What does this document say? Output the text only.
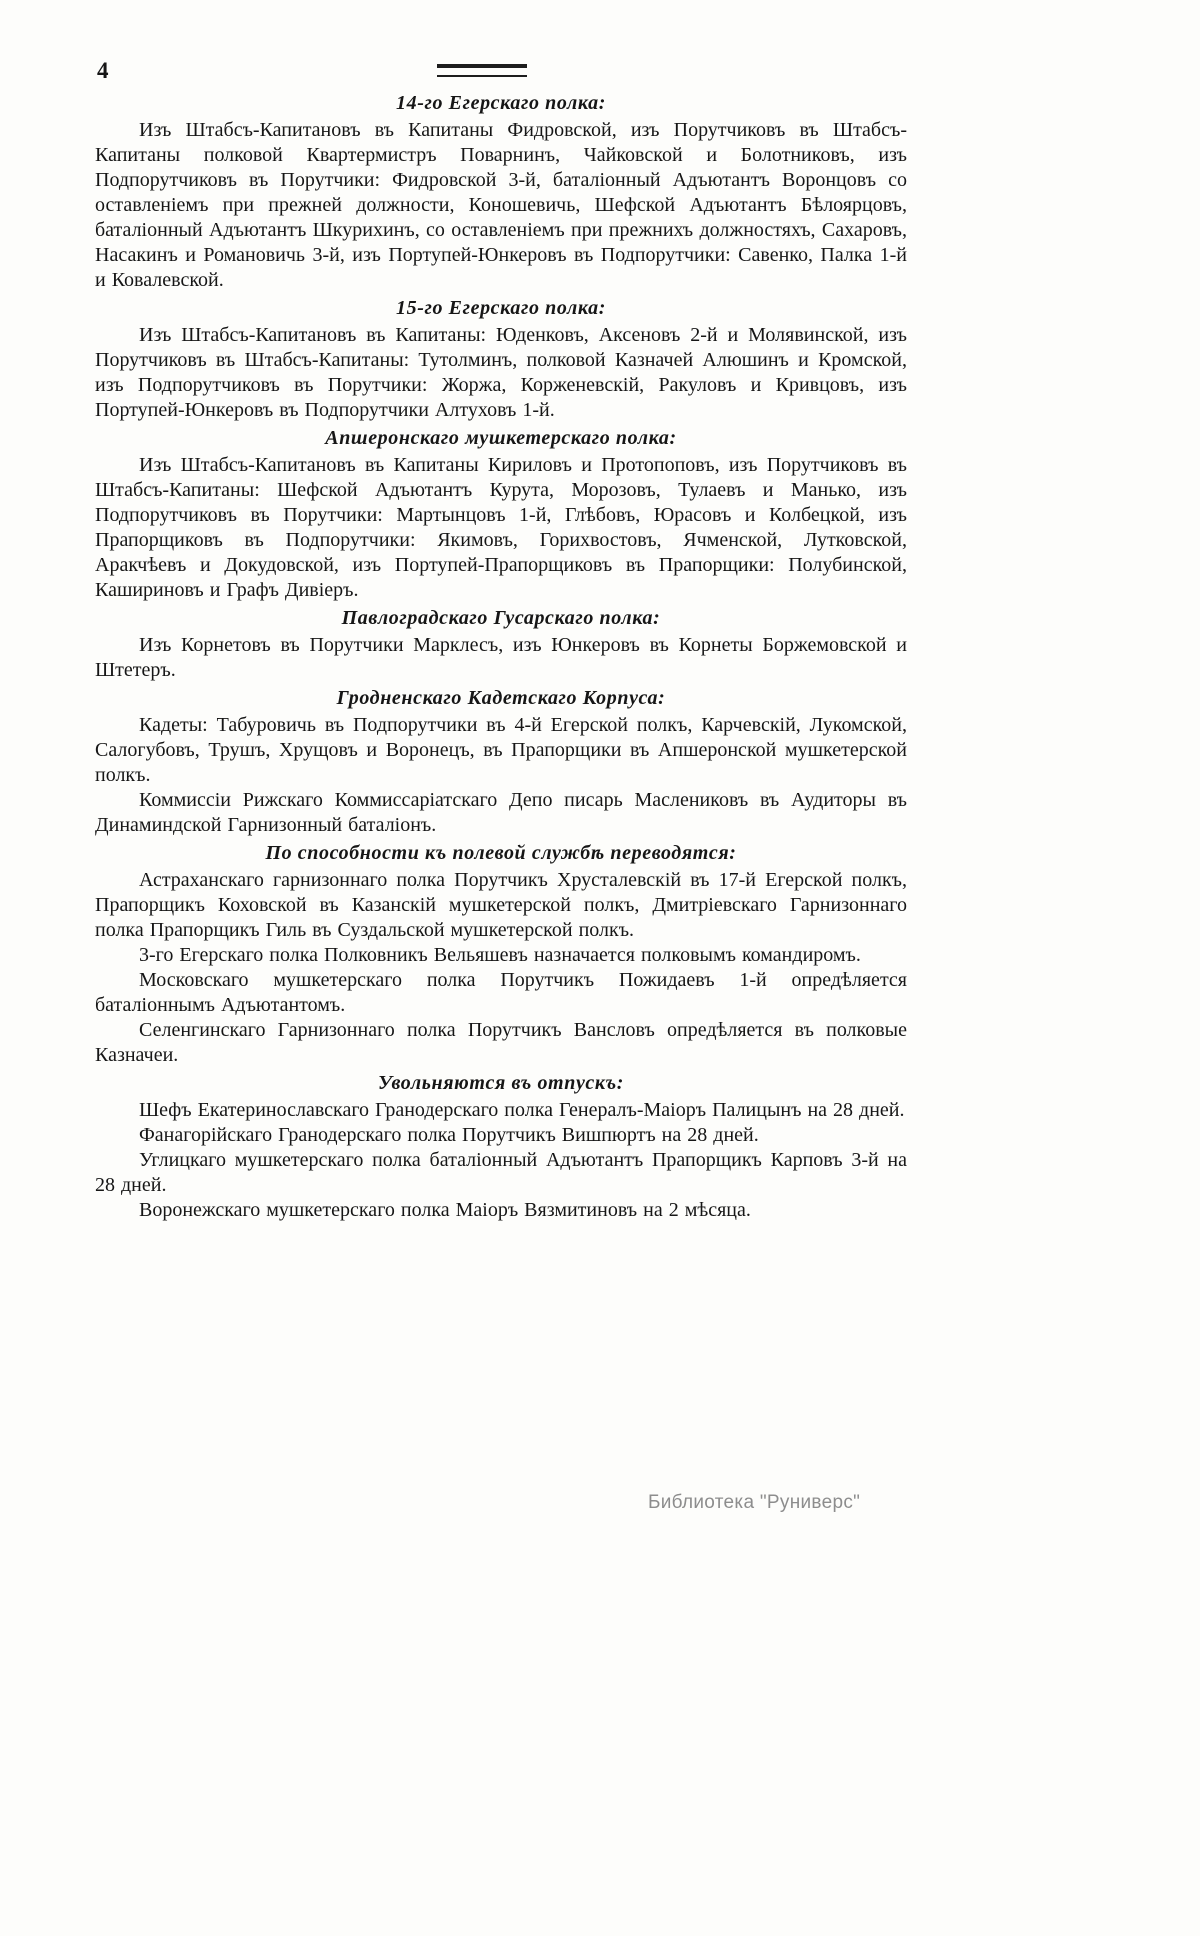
4
14-го Егерскаго полка:

Изъ Штабсъ-Капитановъ въ Капитаны Фидровской, изъ Порутчиковъ въ Штабсъ-Капитаны полковой Квартермистръ Поварнинъ, Чайковской и Болотниковъ, изъ Подпорутчиковъ въ Порутчики: Фидровской 3-й, баталіонный Адъютантъ Воронцовъ со оставленіемъ при прежней должности, Коношевичь, Шефской Адъютантъ Бѣлоярцовъ, баталіонный Адъютантъ Шкурихинъ, со оставленіемъ при прежнихъ должностяхъ, Сахаровъ, Насакинъ и Романовичь 3-й, изъ Портупей-Юнкеровъ въ Подпорутчики: Савенко, Палка 1-й и Ковалевской.

15-го Егерскаго полка:

Изъ Штабсъ-Капитановъ въ Капитаны: Юденковъ, Аксеновъ 2-й и Молявинской, изъ Порутчиковъ въ Штабсъ-Капитаны: Тутолминъ, полковой Казначей Алюшинъ и Кромской, изъ Подпорутчиковъ въ Порутчики: Жоржа, Корженевскій, Ракуловъ и Кривцовъ, изъ Портупей-Юнкеровъ въ Подпорутчики Алтуховъ 1-й.

Апшеронскаго мушкетерскаго полка:

Изъ Штабсъ-Капитановъ въ Капитаны Кириловъ и Протопоповъ, изъ Порутчиковъ въ Штабсъ-Капитаны: Шефской Адъютантъ Курута, Морозовъ, Тулаевъ и Манько, изъ Подпорутчиковъ въ Порутчики: Мартынцовъ 1-й, Глѣбовъ, Юрасовъ и Колбецкой, изъ Прапорщиковъ въ Подпорутчики: Якимовъ, Горихвостовъ, Ячменской, Лутковской, Аракчѣевъ и Докудовской, изъ Портупей-Прапорщиковъ въ Прапорщики: Полубинской, Кашириновъ и Графъ Дивіеръ.

Павлоградскаго Гусарскаго полка:

Изъ Корнетовъ въ Порутчики Марклесъ, изъ Юнкеровъ въ Корнеты Боржемовской и Штетеръ.

Гродненскаго Кадетскаго Корпуса:

Кадеты: Табуровичь въ Подпорутчики въ 4-й Егерской полкъ, Карчевскій, Лукомской, Салогубовъ, Трушъ, Хрущовъ и Воронецъ, въ Прапорщики въ Апшеронской мушкетерской полкъ.

Коммиссіи Рижскаго Коммиссаріатскаго Депо писарь Маслениковъ въ Аудиторы въ Динаминдской Гарнизонный баталіонъ.

По способности къ полевой службѣ переводятся:

Астраханскаго гарнизоннаго полка Порутчикъ Хрусталевскій въ 17-й Егерской полкъ, Прапорщикъ Коховской въ Казанскій мушкетерской полкъ, Дмитріевскаго Гарнизоннаго полка Прапорщикъ Гиль въ Суздальской мушкетерской полкъ.

3-го Егерскаго полка Полковникъ Вельяшевъ назначается полковымъ командиромъ.

Московскаго мушкетерскаго полка Порутчикъ Пожидаевъ 1-й опредѣляется баталіоннымъ Адъютантомъ.

Селенгинскаго Гарнизоннаго полка Порутчикъ Вансловъ опредѣляется въ полковые Казначеи.

Увольняются въ отпускъ:

Шефъ Екатеринославскаго Гранодерскаго полка Генералъ-Маіоръ Палицынъ на 28 дней.

Фанагорійскаго Гранодерскаго полка Порутчикъ Вишпюртъ на 28 дней.

Углицкаго мушкетерскаго полка баталіонный Адъютантъ Прапорщикъ Карповъ 3-й на 28 дней.

Воронежскаго мушкетерскаго полка Маіоръ Вязмитиновъ на 2 мѣсяца.

Библиотека "Руниверс"
